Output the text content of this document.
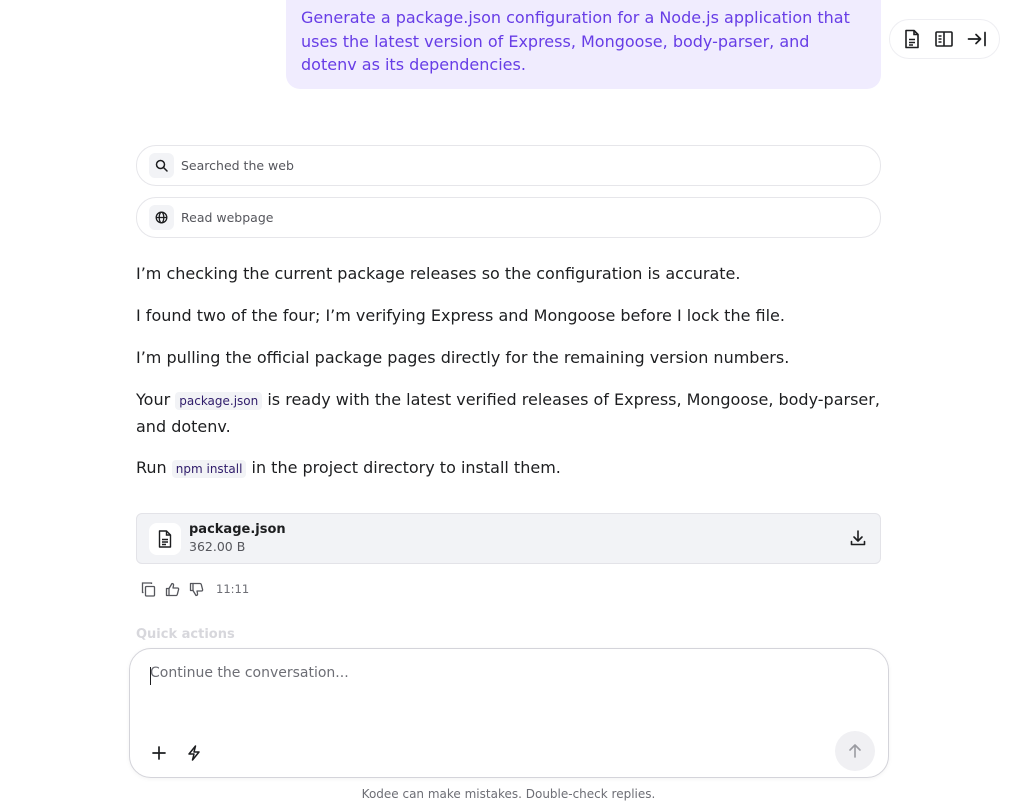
Generate a package.json configuration for a Node.js application that uses the latest version of Express, Mongoose, body-parser, and dotenv as its dependencies.
Searched the web
Read webpage

I’m checking the current package releases so the configuration is accurate.

I found two of the four; I’m verifying Express and Mongoose before I lock the file.

I’m pulling the official package pages directly for the remaining version numbers.

Your package.json is ready with the latest verified releases of Express, Mongoose, body-parser, and dotenv.

Run npm install in the project directory to install them.

package.json
362.00 B
11:11
Quick actions
Continue the conversation...
Kodee can make mistakes. Double-check replies.
